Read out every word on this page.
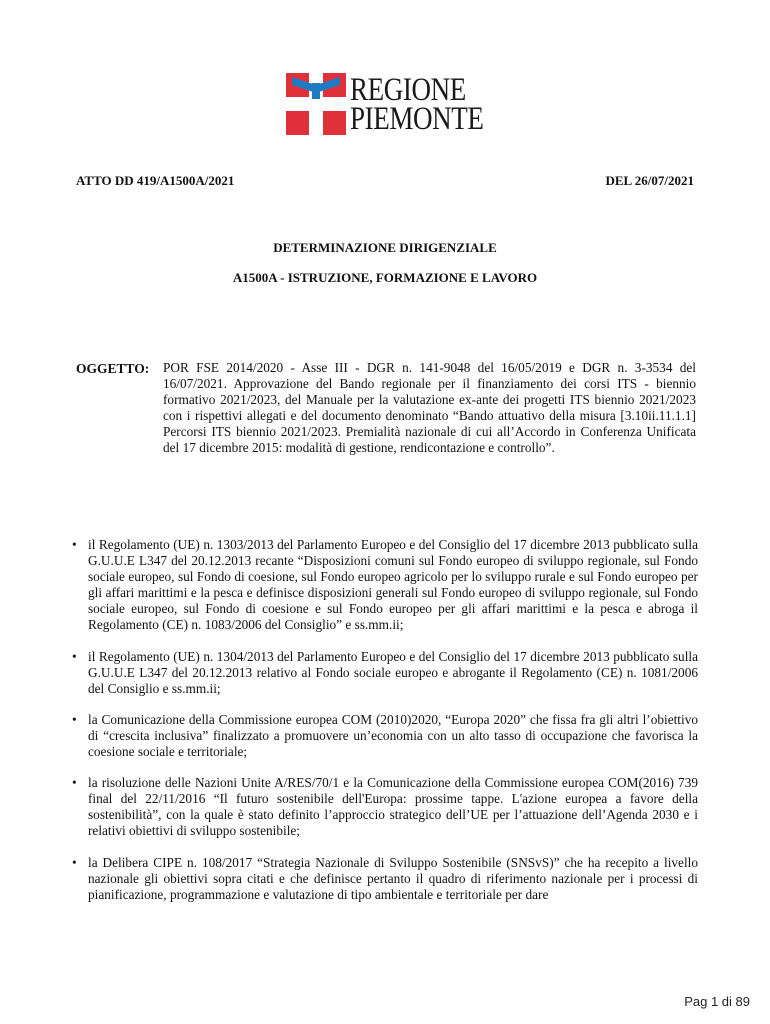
REGIONE
PIEMONTE
ATTO DD 419/A1500A/2021	DEL 26/07/2021
DETERMINAZIONE DIRIGENZIALE
A1500A - ISTRUZIONE, FORMAZIONE E LAVORO
OGGETTO: POR FSE 2014/2020 - Asse III - DGR n. 141-9048 del 16/05/2019 e DGR n. 3-3534 del 16/07/2021. Approvazione del Bando regionale per il finanziamento dei corsi ITS - biennio formativo 2021/2023, del Manuale per la valutazione ex-ante dei progetti ITS biennio 2021/2023 con i rispettivi allegati e del documento denominato “Bando attuativo della misura [3.10ii.11.1.1] Percorsi ITS biennio 2021/2023. Premialità nazionale di cui all’Accordo in Conferenza Unificata del 17 dicembre 2015: modalità di gestione, rendicontazione e controllo”.

• il Regolamento (UE) n. 1303/2013 del Parlamento Europeo e del Consiglio del 17 dicembre 2013 pubblicato sulla G.U.U.E L347 del 20.12.2013 recante “Disposizioni comuni sul Fondo europeo di sviluppo regionale, sul Fondo sociale europeo, sul Fondo di coesione, sul Fondo europeo agricolo per lo sviluppo rurale e sul Fondo europeo per gli affari marittimi e la pesca e definisce disposizioni generali sul Fondo europeo di sviluppo regionale, sul Fondo sociale europeo, sul Fondo di coesione e sul Fondo europeo per gli affari marittimi e la pesca e abroga il Regolamento (CE) n. 1083/2006 del Consiglio” e ss.mm.ii;
• il Regolamento (UE) n. 1304/2013 del Parlamento Europeo e del Consiglio del 17 dicembre 2013 pubblicato sulla G.U.U.E L347 del 20.12.2013 relativo al Fondo sociale europeo e abrogante il Regolamento (CE) n. 1081/2006 del Consiglio e ss.mm.ii;
• la Comunicazione della Commissione europea COM (2010)2020, “Europa 2020” che fissa fra gli altri l’obiettivo di “crescita inclusiva” finalizzato a promuovere un’economia con un alto tasso di occupazione che favorisca la coesione sociale e territoriale;
• la risoluzione delle Nazioni Unite A/RES/70/1 e la Comunicazione della Commissione europea COM(2016) 739 final del 22/11/2016 “Il futuro sostenibile dell'Europa: prossime tappe. L'azione europea a favore della sostenibilità”, con la quale è stato definito l’approccio strategico dell’UE per l’attuazione dell’Agenda 2030 e i relativi obiettivi di sviluppo sostenibile;
• la Delibera CIPE n. 108/2017 “Strategia Nazionale di Sviluppo Sostenibile (SNSvS)” che ha recepito a livello nazionale gli obiettivi sopra citati e che definisce pertanto il quadro di riferimento nazionale per i processi di pianificazione, programmazione e valutazione di tipo ambientale e territoriale per dare
Pag 1 di 89
